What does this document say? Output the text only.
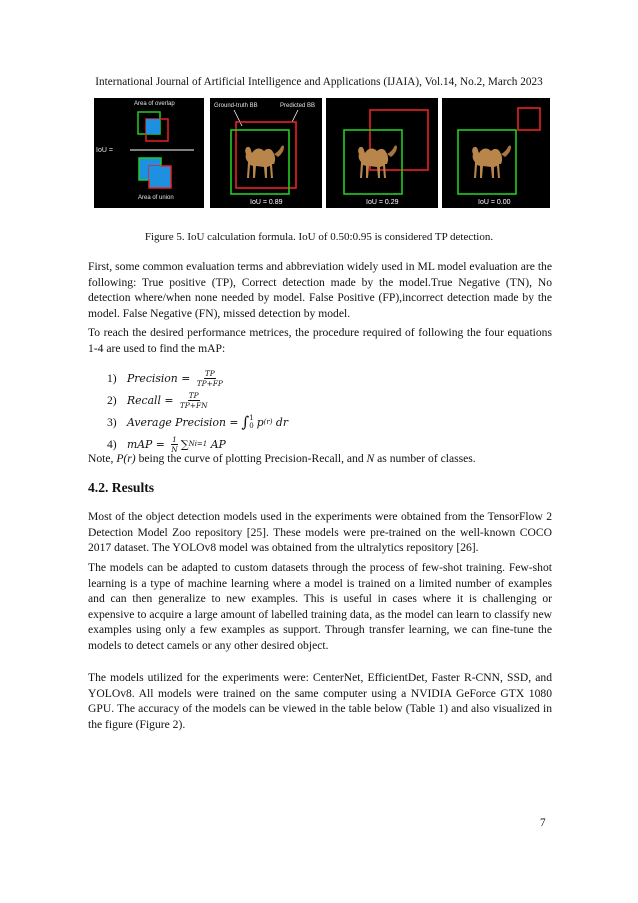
International Journal of Artificial Intelligence and Applications (IJAIA), Vol.14, No.2, March 2023
Area of overlap
IoU =
Area of union
Ground-truth BB	Predicted BB
IoU = 0.89	IoU = 0.29	IoU = 0.00
Figure 5. IoU calculation formula. IoU of 0.50:0.95 is considered TP detection.

First, some common evaluation terms and abbreviation widely used in ML model evaluation are the following: True positive (TP), Correct detection made by the model.True Negative (TN), No detection where/when none needed by model. False Positive (FP),incorrect detection made by the model. False Negative (FN), missed detection by model.

To reach the desired performance metrices, the procedure required of following the four equations 1-4 are used to find the mAP:

1) Precision = $\frac{TP}{TP+FP}$
2) Recall = $\frac{TP}{TP+FN}$
3) Average Precision = ∫ 1
0 p (r)
dr
4) mAP = $\frac{1}{N}$ ∑ N i=1
AP
Note, P(r) being the curve of plotting Precision-Recall, and N as number of classes.
4.2. Results

Most of the object detection models used in the experiments were obtained from the TensorFlow 2 Detection Model Zoo repository [25]. These models were pre-trained on the well-known COCO 2017 dataset. The YOLOv8 model was obtained from the ultralytics repository [26].

The models can be adapted to custom datasets through the process of few-shot training. Few-shot learning is a type of machine learning where a model is trained on a limited number of examples and can then generalize to new examples. This is useful in cases where it is challenging or expensive to acquire a large amount of labelled training data, as the model can learn to classify new examples using only a few examples as support. Through transfer learning, we can fine-tune the models to detect camels or any other desired object.

The models utilized for the experiments were: CenterNet, EfficientDet, Faster R-CNN, SSD, and YOLOv8. All models were trained on the same computer using a NVIDIA GeForce GTX 1080 GPU. The accuracy of the models can be viewed in the table below (Table 1) and also visualized in the figure (Figure 2).

7
